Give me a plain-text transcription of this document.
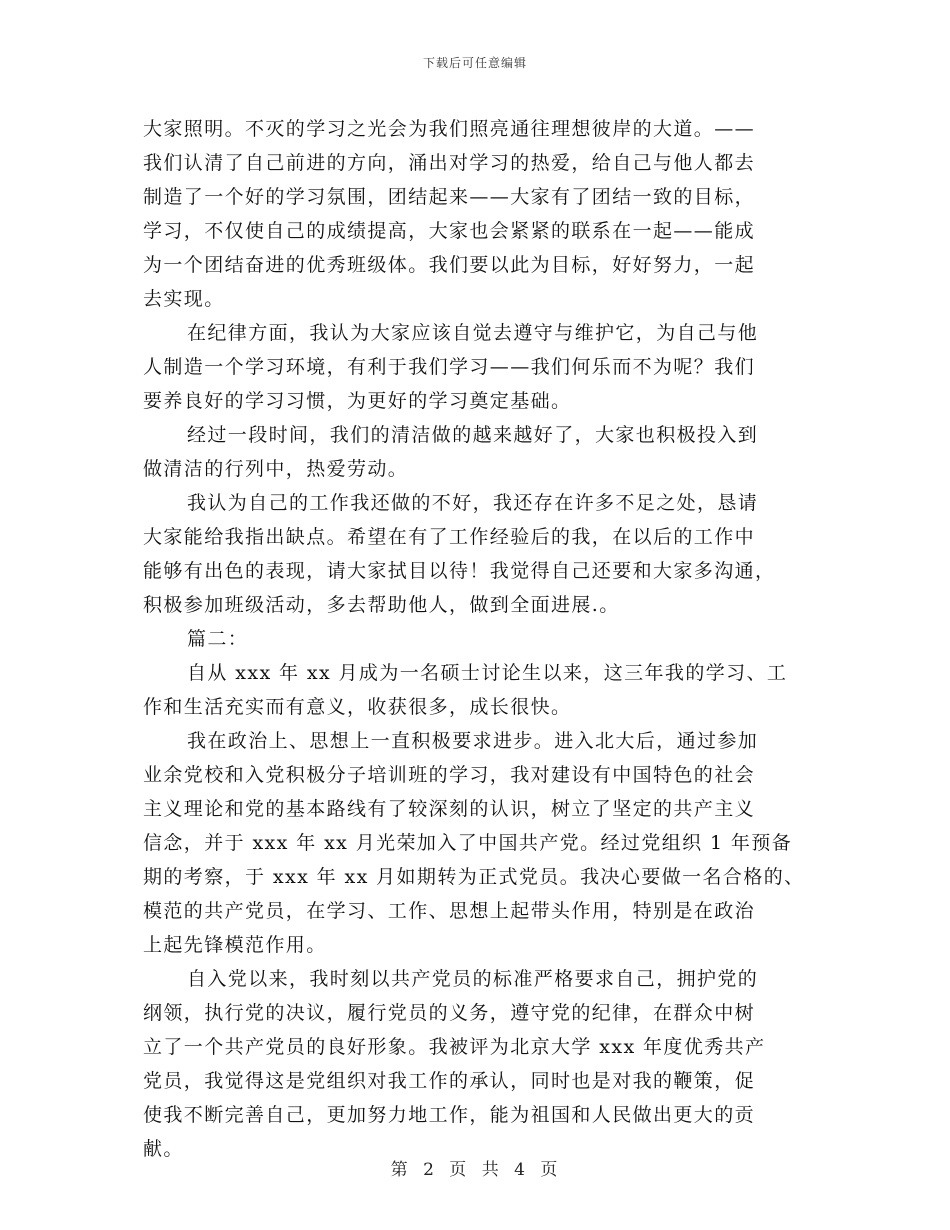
下载后可任意编辑
大家照明。不灭的学习之光会为我们照亮通往理想彼岸的大道。——
我们认清了自己前进的方向，涌出对学习的热爱，给自己与他人都去
制造了一个好的学习氛围，团结起来——大家有了团结一致的目标，
学习，不仅使自己的成绩提高，大家也会紧紧的联系在一起——能成
为一个团结奋进的优秀班级体。我们要以此为目标，好好努力，一起
去实现。
在纪律方面，我认为大家应该自觉去遵守与维护它，为自己与他
人制造一个学习环境，有利于我们学习——我们何乐而不为呢？我们
要养良好的学习习惯，为更好的学习奠定基础。
经过一段时间，我们的清洁做的越来越好了，大家也积极投入到
做清洁的行列中，热爱劳动。
我认为自己的工作我还做的不好，我还存在许多不足之处，恳请
大家能给我指出缺点。希望在有了工作经验后的我，在以后的工作中
能够有出色的表现，请大家拭目以待！我觉得自己还要和大家多沟通，
积极参加班级活动，多去帮助他人，做到全面进展.。
篇二：
自从 xxx 年 xx 月成为一名硕士讨论生以来，这三年我的学习、工
作和生活充实而有意义，收获很多，成长很快。
我在政治上、思想上一直积极要求进步。进入北大后，通过参加
业余党校和入党积极分子培训班的学习，我对建设有中国特色的社会
主义理论和党的基本路线有了较深刻的认识，树立了坚定的共产主义
信念，并于 xxx 年 xx 月光荣加入了中国共产党。经过党组织 1 年预备
期的考察，于 xxx 年 xx 月如期转为正式党员。我决心要做一名合格的、
模范的共产党员，在学习、工作、思想上起带头作用，特别是在政治
上起先锋模范作用。
自入党以来，我时刻以共产党员的标准严格要求自己，拥护党的
纲领，执行党的决议，履行党员的义务，遵守党的纪律，在群众中树
立了一个共产党员的良好形象。我被评为北京大学 xxx 年度优秀共产
党员，我觉得这是党组织对我工作的承认，同时也是对我的鞭策，促
使我不断完善自己，更加努力地工作，能为祖国和人民做出更大的贡
献。
第 2 页 共 4 页
